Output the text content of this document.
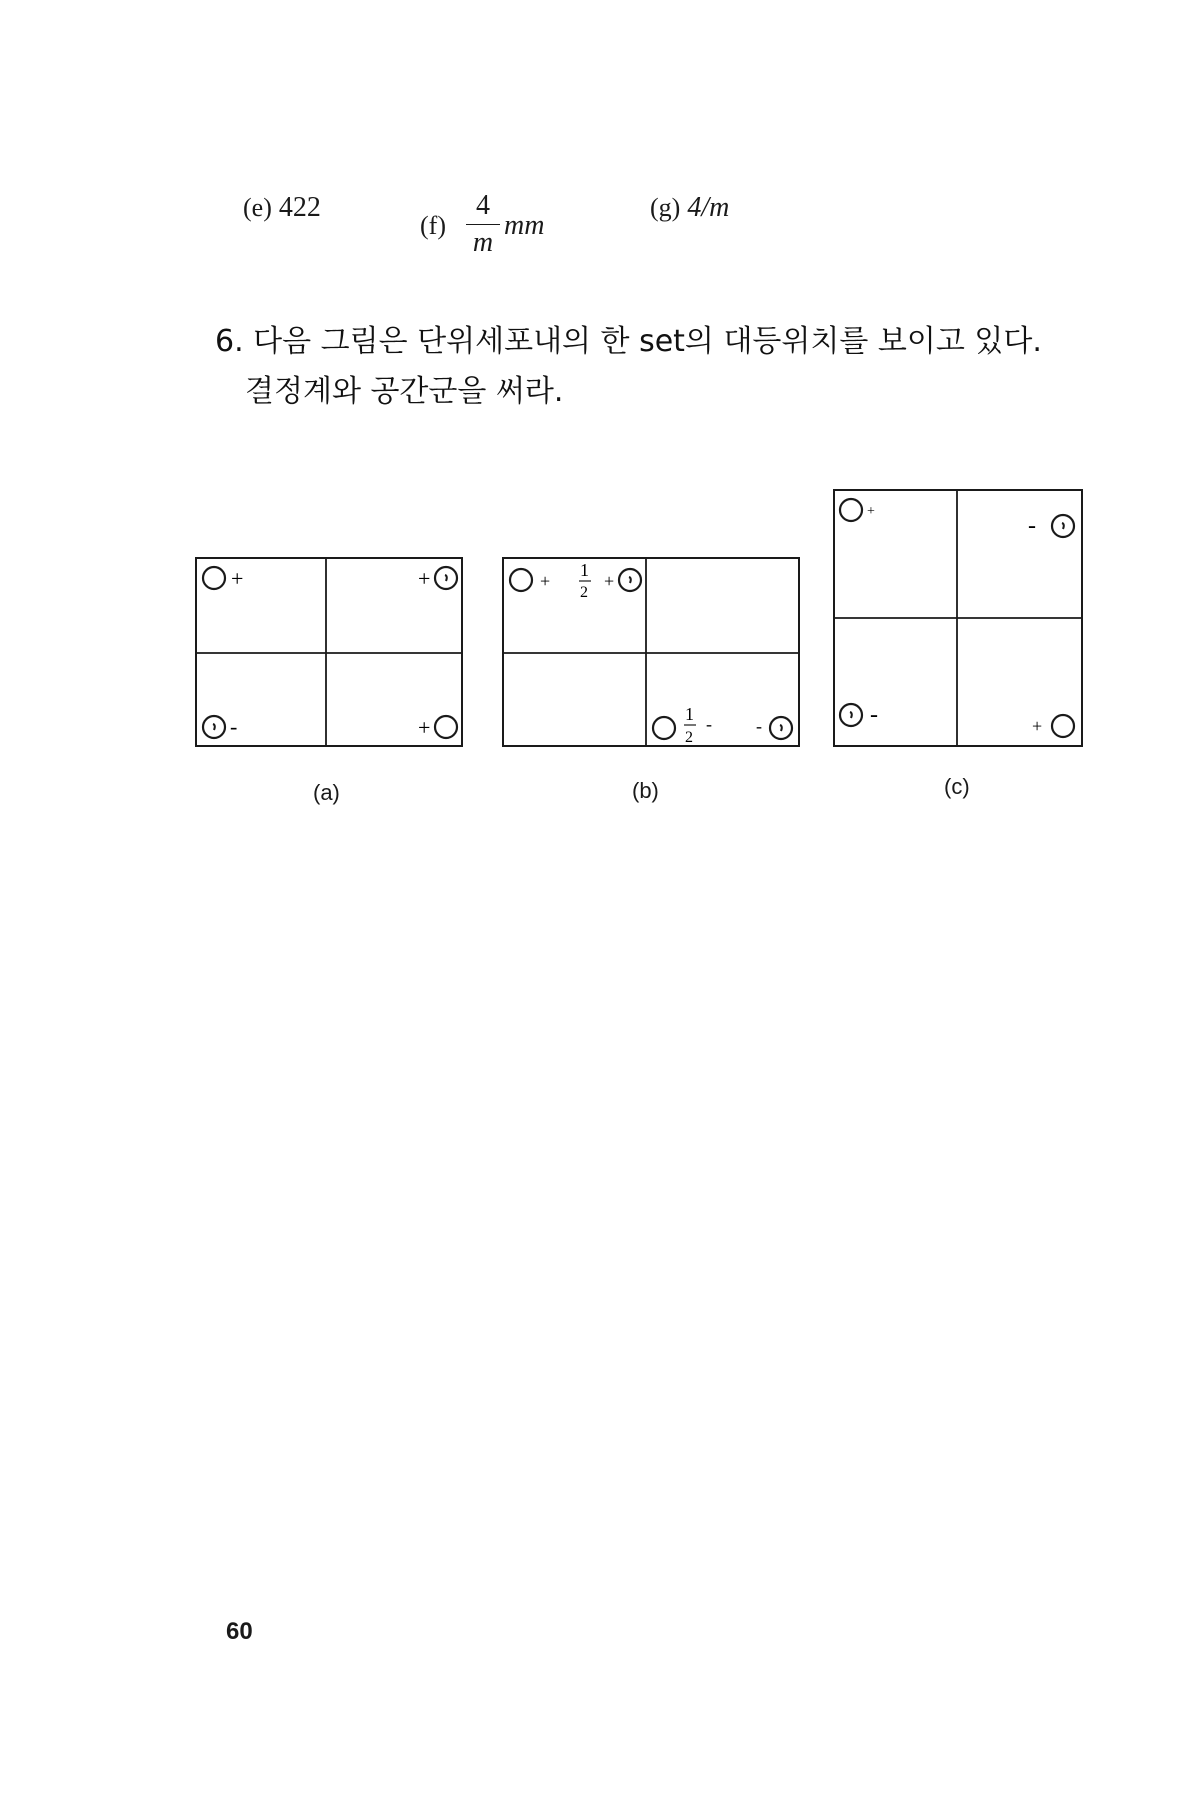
(e) 422
(f)
4
m
mm
(g) 4/m
6. 다음 그림은 단위세포내의 한 set의 대등위치를 보이고 있다.
결정계와 공간군을 써라.
+	+
-	+
+
1
2
+
1
2
- -
+
-
-	+
(a)	(b)	(c)
60
